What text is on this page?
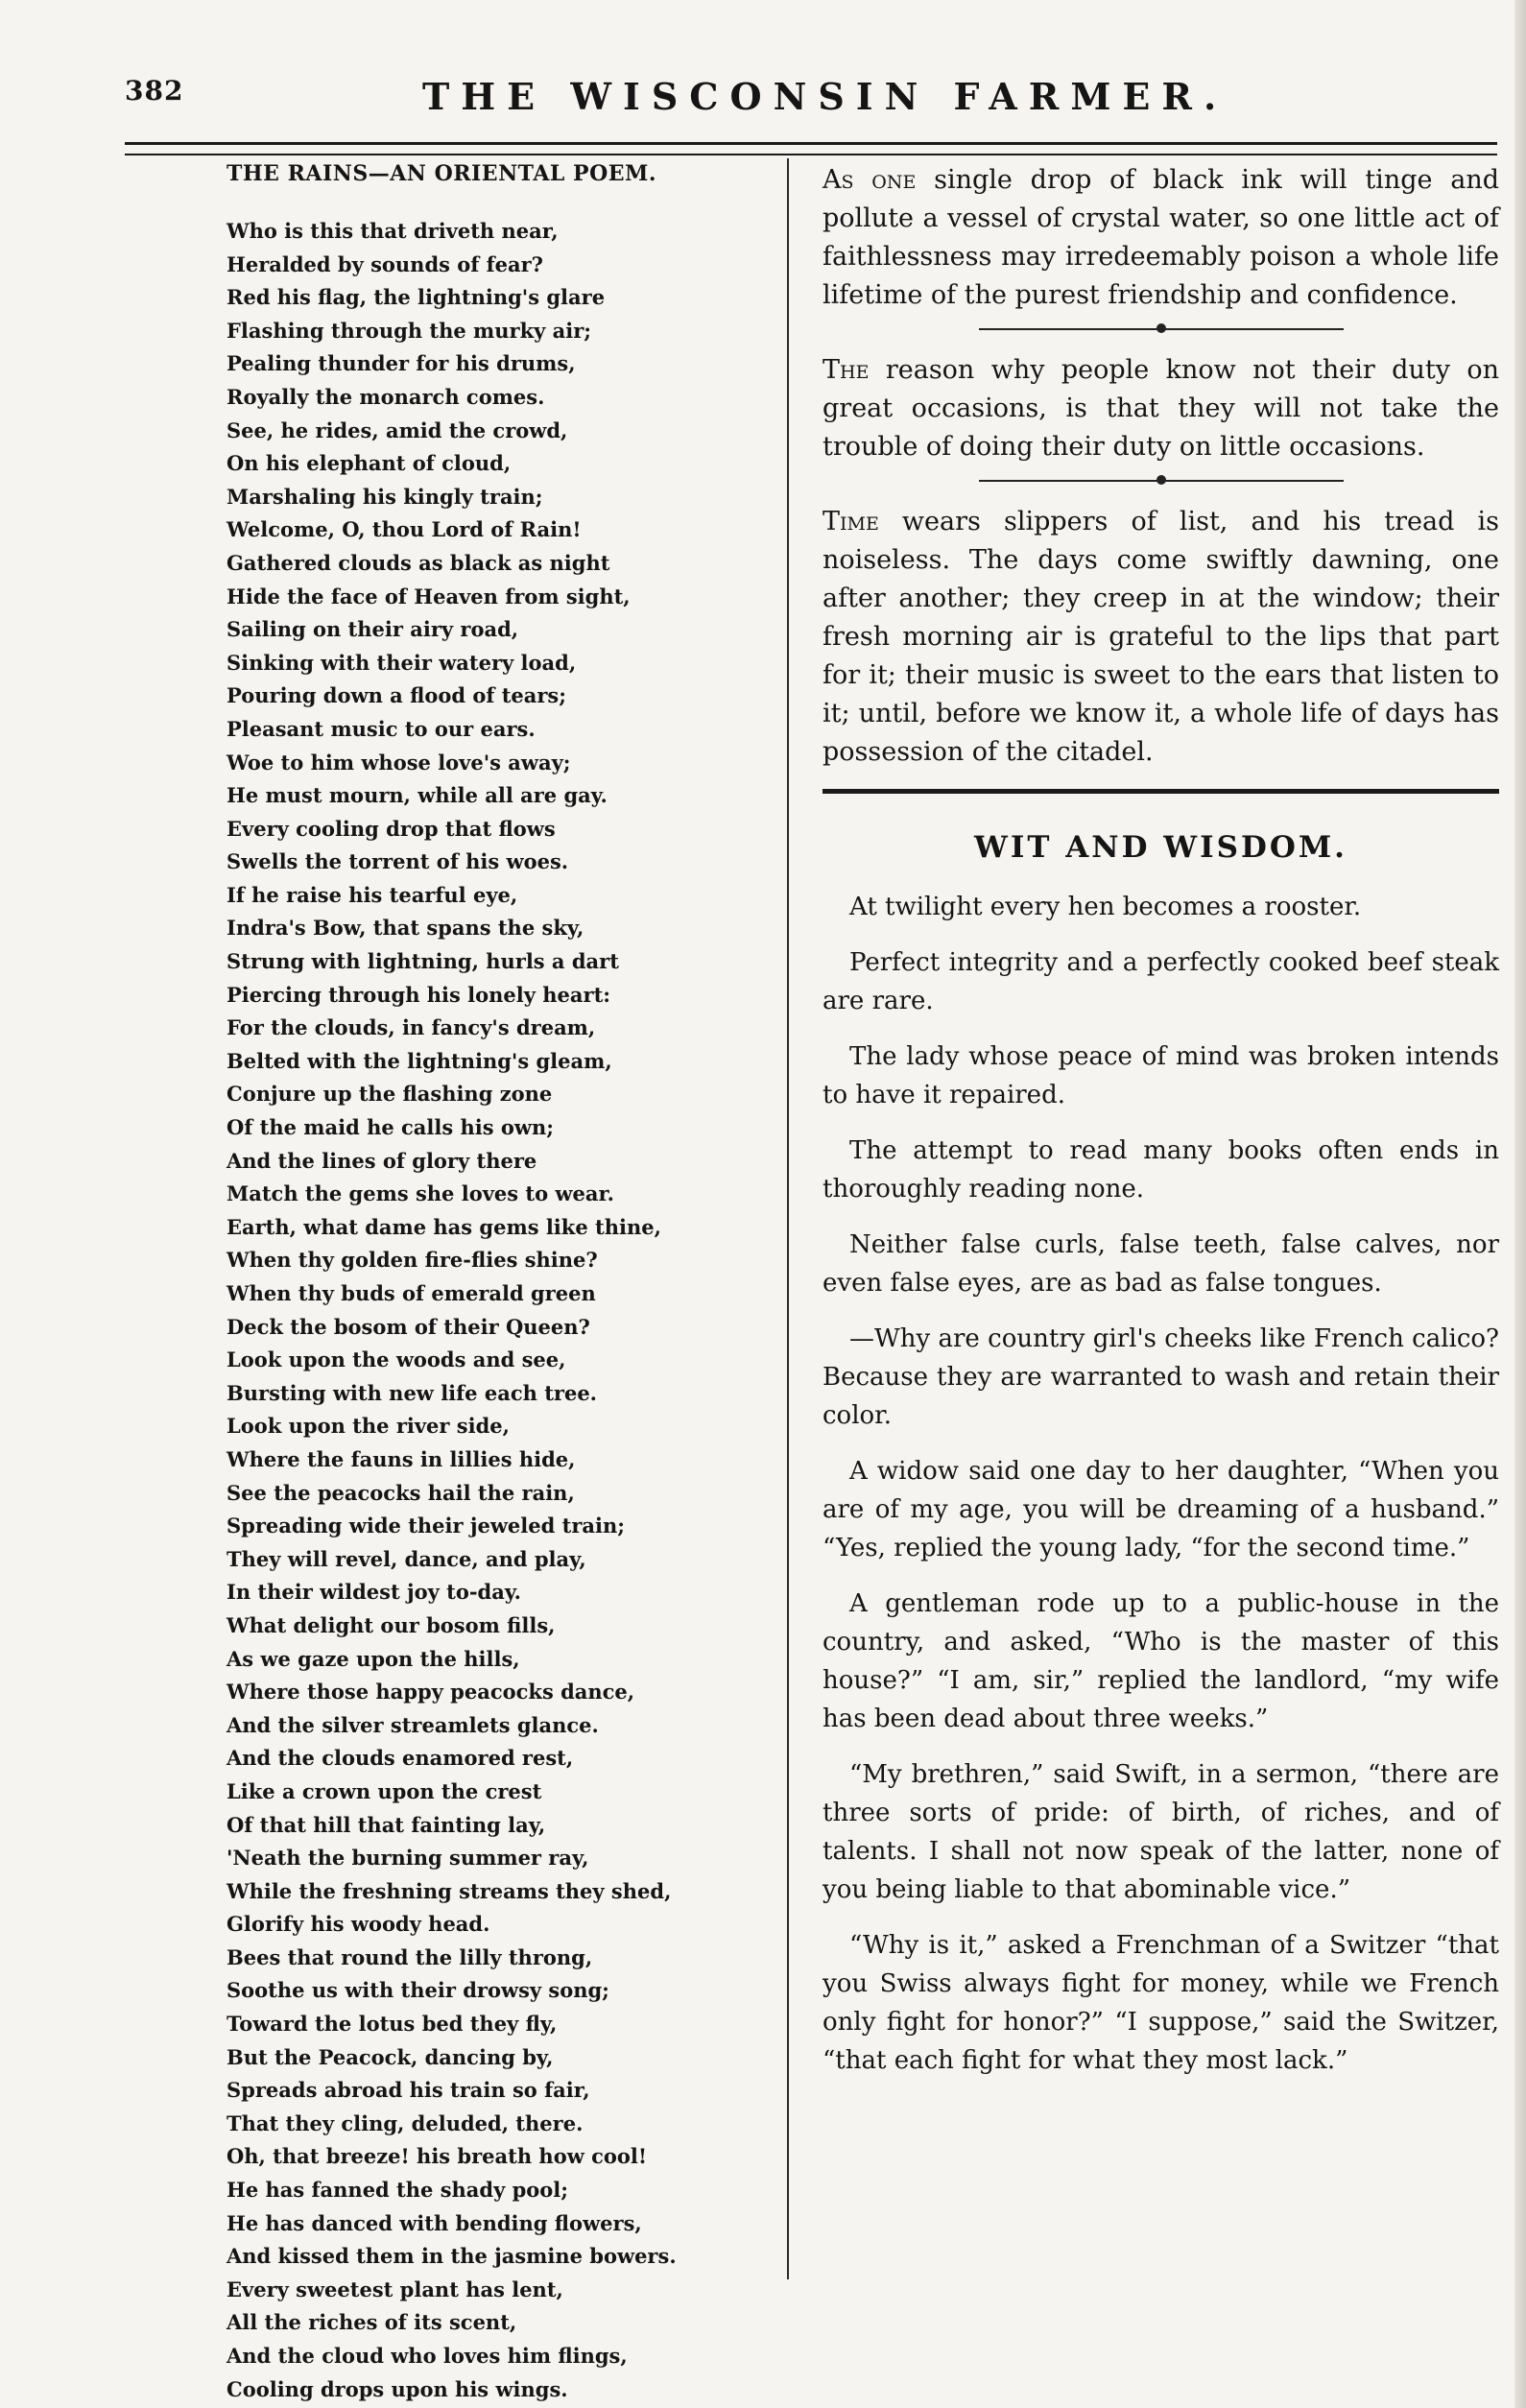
382	THE WISCONSIN FARMER.
THE RAINS—AN ORIENTAL POEM.
Who is this that driveth near,
Heralded by sounds of fear?
Red his flag, the lightning's glare
Flashing through the murky air;
Pealing thunder for his drums,
Royally the monarch comes.
See, he rides, amid the crowd,
On his elephant of cloud,
Marshaling his kingly train;
Welcome, O, thou Lord of Rain!
Gathered clouds as black as night
Hide the face of Heaven from sight,
Sailing on their airy road,
Sinking with their watery load,
Pouring down a flood of tears;
Pleasant music to our ears.
Woe to him whose love's away;
He must mourn, while all are gay.
Every cooling drop that flows
Swells the torrent of his woes.
If he raise his tearful eye,
Indra's Bow, that spans the sky,
Strung with lightning, hurls a dart
Piercing through his lonely heart:
For the clouds, in fancy's dream,
Belted with the lightning's gleam,
Conjure up the flashing zone
Of the maid he calls his own;
And the lines of glory there
Match the gems she loves to wear.
Earth, what dame has gems like thine,
When thy golden fire-flies shine?
When thy buds of emerald green
Deck the bosom of their Queen?
Look upon the woods and see,
Bursting with new life each tree.
Look upon the river side,
Where the fauns in lillies hide,
See the peacocks hail the rain,
Spreading wide their jeweled train;
They will revel, dance, and play,
In their wildest joy to-day.
What delight our bosom fills,
As we gaze upon the hills,
Where those happy peacocks dance,
And the silver streamlets glance.
And the clouds enamored rest,
Like a crown upon the crest
Of that hill that fainting lay,
'Neath the burning summer ray,
While the freshning streams they shed,
Glorify his woody head.
Bees that round the lilly throng,
Soothe us with their drowsy song;
Toward the lotus bed they fly,
But the Peacock, dancing by,
Spreads abroad his train so fair,
That they cling, deluded, there.
Oh, that breeze! his breath how cool!
He has fanned the shady pool;
He has danced with bending flowers,
And kissed them in the jasmine bowers.
Every sweetest plant has lent,
All the riches of its scent,
And the cloud who loves him flings,
Cooling drops upon his wings.

As one single drop of black ink will tinge and pollute a vessel of crystal water, so one little act of faithlessness may irredeemably poison a whole life lifetime of the purest friendship and confidence.

The reason why people know not their duty on great occasions, is that they will not take the trouble of doing their duty on little occasions.

Time wears slippers of list, and his tread is noiseless. The days come swiftly dawning, one after another; they creep in at the window; their fresh morning air is grateful to the lips that part for it; their music is sweet to the ears that listen to it; until, before we know it, a whole life of days has possession of the citadel.

WIT AND WISDOM.

At twilight every hen becomes a rooster.

Perfect integrity and a perfectly cooked beef steak are rare.

The lady whose peace of mind was broken intends to have it repaired.

The attempt to read many books often ends in thoroughly reading none.

Neither false curls, false teeth, false calves, nor even false eyes, are as bad as false tongues.

—Why are country girl's cheeks like French calico? Because they are warranted to wash and retain their color.

A widow said one day to her daughter, “When you are of my age, you will be dreaming of a husband.” “Yes, replied the young lady, “for the second time.”

A gentleman rode up to a public-house in the country, and asked, “Who is the master of this house?” “I am, sir,” replied the landlord, “my wife has been dead about three weeks.”

“My brethren,” said Swift, in a sermon, “there are three sorts of pride: of birth, of riches, and of talents. I shall not now speak of the latter, none of you being liable to that abominable vice.”

“Why is it,” asked a Frenchman of a Switzer “that you Swiss always fight for money, while we French only fight for honor?” “I suppose,” said the Switzer, “that each fight for what they most lack.”
